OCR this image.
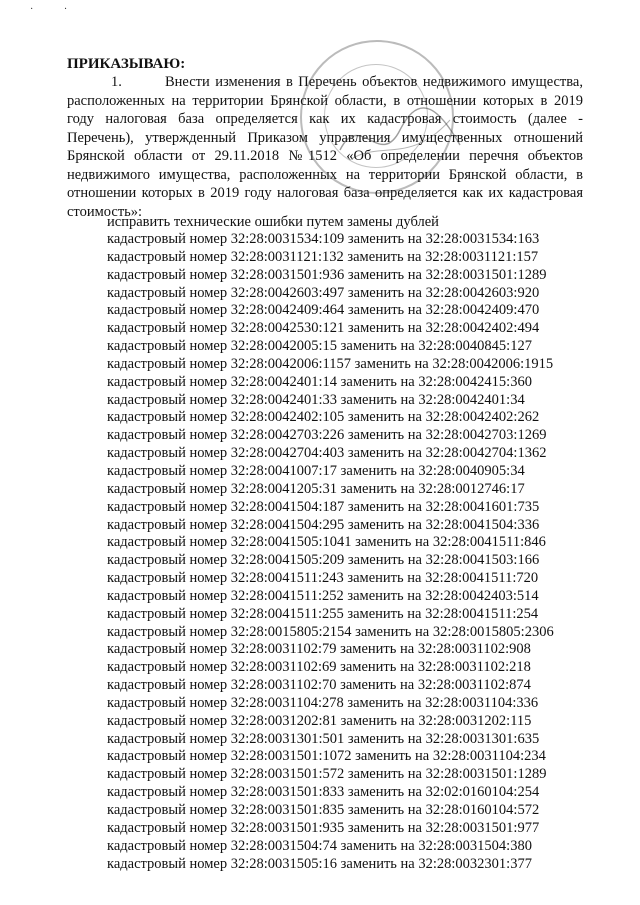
· ·
ПРИКАЗЫВАЮ:
1.	Внести изменения в Перечень объектов недвижимого имущества, расположенных на территории Брянской области, в отношении которых в 2019 году налоговая база определяется как их кадастровая стоимость (далее - Перечень), утвержденный Приказом управления имущественных отношений Брянской области от 29.11.2018 №1512 «Об определении перечня объектов недвижимого имущества, расположенных на территории Брянской области, в отношении которых в 2019 году налоговая база определяется как их кадастровая стоимость»:
исправить технические ошибки путем замены дублей
кадастровый номер 32:28:0031534:109 заменить на 32:28:0031534:163
кадастровый номер 32:28:0031121:132 заменить на 32:28:0031121:157
кадастровый номер 32:28:0031501:936 заменить на 32:28:0031501:1289
кадастровый номер 32:28:0042603:497 заменить на 32:28:0042603:920
кадастровый номер 32:28:0042409:464 заменить на 32:28:0042409:470
кадастровый номер 32:28:0042530:121 заменить на 32:28:0042402:494
кадастровый номер 32:28:0042005:15 заменить на 32:28:0040845:127
кадастровый номер 32:28:0042006:1157 заменить на 32:28:0042006:1915
кадастровый номер 32:28:0042401:14 заменить на 32:28:0042415:360
кадастровый номер 32:28:0042401:33 заменить на 32:28:0042401:34
кадастровый номер 32:28:0042402:105 заменить на 32:28:0042402:262
кадастровый номер 32:28:0042703:226 заменить на 32:28:0042703:1269
кадастровый номер 32:28:0042704:403 заменить на 32:28:0042704:1362
кадастровый номер 32:28:0041007:17 заменить на 32:28:0040905:34
кадастровый номер 32:28:0041205:31 заменить на 32:28:0012746:17
кадастровый номер 32:28:0041504:187 заменить на 32:28:0041601:735
кадастровый номер 32:28:0041504:295 заменить на 32:28:0041504:336
кадастровый номер 32:28:0041505:1041 заменить на 32:28:0041511:846
кадастровый номер 32:28:0041505:209 заменить на 32:28:0041503:166
кадастровый номер 32:28:0041511:243 заменить на 32:28:0041511:720
кадастровый номер 32:28:0041511:252 заменить на 32:28:0042403:514
кадастровый номер 32:28:0041511:255 заменить на 32:28:0041511:254
кадастровый номер 32:28:0015805:2154 заменить на 32:28:0015805:2306
кадастровый номер 32:28:0031102:79 заменить на 32:28:0031102:908
кадастровый номер 32:28:0031102:69 заменить на 32:28:0031102:218
кадастровый номер 32:28:0031102:70 заменить на 32:28:0031102:874
кадастровый номер 32:28:0031104:278 заменить на 32:28:0031104:336
кадастровый номер 32:28:0031202:81 заменить на 32:28:0031202:115
кадастровый номер 32:28:0031301:501 заменить на 32:28:0031301:635
кадастровый номер 32:28:0031501:1072 заменить на 32:28:0031104:234
кадастровый номер 32:28:0031501:572 заменить на 32:28:0031501:1289
кадастровый номер 32:28:0031501:833 заменить на 32:02:0160104:254
кадастровый номер 32:28:0031501:835 заменить на 32:28:0160104:572
кадастровый номер 32:28:0031501:935 заменить на 32:28:0031501:977
кадастровый номер 32:28:0031504:74 заменить на 32:28:0031504:380
кадастровый номер 32:28:0031505:16 заменить на 32:28:0032301:377
